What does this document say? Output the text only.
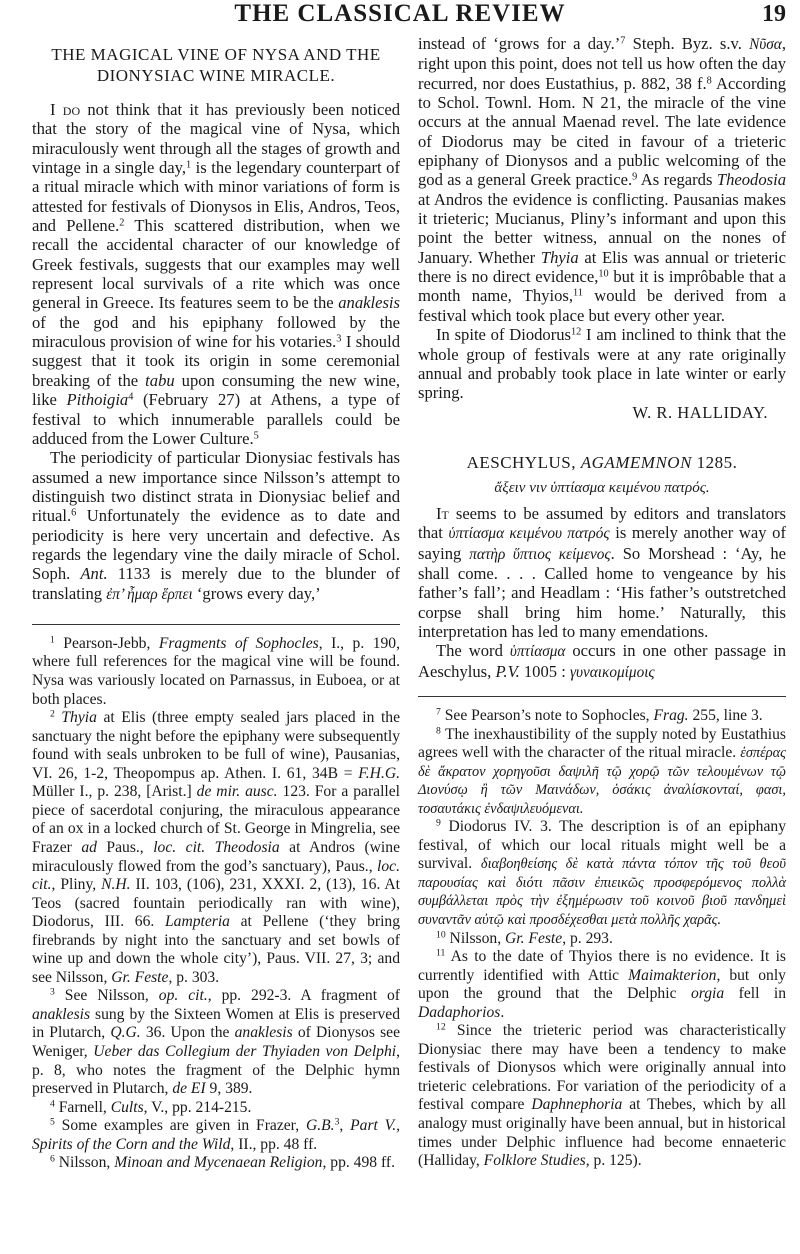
THE CLASSICAL REVIEW	19
THE MAGICAL VINE OF NYSA AND THE DIONYSIAC WINE MIRACLE.

I do not think that it has previously been noticed that the story of the magical vine of Nysa, which miraculously went through all the stages of growth and vintage in a single day,$^1$ is the legendary counterpart of a ritual miracle which with minor variations of form is attested for festivals of Dionysos in Elis, Andros, Teos, and Pellene.$^2$ This scattered distribution, when we recall the accidental character of our knowledge of Greek festivals, suggests that our examples may well represent local survivals of a rite which was once general in Greece. Its features seem to be the anaklesis of the god and his epiphany followed by the miraculous provision of wine for his votaries.$^3$ I should suggest that it took its origin in some ceremonial breaking of the tabu upon consuming the new wine, like Pithoigia$^4$ (February 27) at Athens, a type of festival to which innumerable parallels could be adduced from the Lower Culture.$^5$

The periodicity of particular Dionysiac festivals has assumed a new importance since Nilsson’s attempt to distinguish two distinct strata in Dionysiac belief and ritual.$^6$ Unfortunately the evidence as to date and periodicity is here very uncertain and defective. As regards the legendary vine the daily miracle of Schol. Soph. Ant. 1133 is merely due to the blunder of translating ἐπ’ ἦμαρ ἕρπει ‘grows every day,’

$^1$ Pearson-Jebb, Fragments of Sophocles, I., p. 190, where full references for the magical vine will be found. Nysa was variously located on Parnassus, in Euboea, or at both places.

$^2$ Thyia at Elis (three empty sealed jars placed in the sanctuary the night before the epiphany were subsequently found with seals unbroken to be full of wine), Pausanias, VI. 26, 1-2, Theopompus ap. Athen. I. 61, 34B = F.H.G. Müller I., p. 238, [Arist.] de mir. ausc. 123. For a parallel piece of sacerdotal conjuring, the miraculous appearance of an ox in a locked church of St. George in Mingrelia, see Frazer ad Paus., loc. cit. Theodosia at Andros (wine miraculously flowed from the god’s sanctuary), Paus., loc. cit., Pliny, N.H. II. 103, (106), 231, XXXI. 2, (13), 16. At Teos (sacred fountain periodically ran with wine), Diodorus, III. 66. Lampteria at Pellene (‘they bring firebrands by night into the sanctuary and set bowls of wine up and down the whole city’), Paus. VII. 27, 3; and see Nilsson, Gr. Feste, p. 303.

$^3$ See Nilsson, op. cit., pp. 292-3. A fragment of anaklesis sung by the Sixteen Women at Elis is preserved in Plutarch, Q.G. 36. Upon the anaklesis of Dionysos see Weniger, Ueber das Collegium der Thyiaden von Delphi, p. 8, who notes the fragment of the Delphic hymn preserved in Plutarch, de EI 9, 389.

$^4$ Farnell, Cults, V., pp. 214-215.

$^5$ Some examples are given in Frazer, G.B.$^3$, Part V., Spirits of the Corn and the Wild, II., pp. 48 ff.

$^6$ Nilsson, Minoan and Mycenaean Religion, pp. 498 ff.

instead of ‘grows for a day.’$^7$ Steph. Byz. s.v. Νῦσα, right upon this point, does not tell us how often the day recurred, nor does Eustathius, p. 882, 38 f.$^8$ According to Schol. Townl. Hom. N 21, the miracle of the vine occurs at the annual Maenad revel. The late evidence of Diodorus may be cited in favour of a trieteric epiphany of Dionysos and a public welcoming of the god as a general Greek practice.$^9$ As regards Theodosia at Andros the evidence is conflicting. Pausanias makes it trieteric; Mucianus, Pliny’s informant and upon this point the better witness, annual on the nones of January. Whether Thyia at Elis was annual or trieteric there is no direct evidence,$^{10}$ but it is imprôbable that a month name, Thyios,$^{11}$ would be derived from a festival which took place but every other year.

In spite of Diodorus$^{12}$ I am inclined to think that the whole group of festivals were at any rate originally annual and probably took place in late winter or early spring.

W. R. HALLIDAY.
AESCHYLUS, AGAMEMNON 1285.
ἄξειν νιν ὑπτίασμα κειμένου πατρός.

It seems to be assumed by editors and translators that ὑπτίασμα κειμένου πατρός is merely another way of saying πατὴρ ὕπτιος κείμενος. So Morshead : ‘Ay, he shall come. . . . Called home to vengeance by his father’s fall’; and Headlam : ‘His father’s outstretched corpse shall bring him home.’ Naturally, this interpretation has led to many emendations.

The word ὑπτίασμα occurs in one other passage in Aeschylus, P.V. 1005 : γυναικομίμοις

$^7$ See Pearson’s note to Sophocles, Frag. 255, line 3.

$^8$ The inexhaustibility of the supply noted by Eustathius agrees well with the character of the ritual miracle. ἑσπέρας δὲ ἄκρατον χορηγοῦσι δαψιλῆ τῷ χορῷ τῶν τελουμένων τῷ Διονύσῳ ἢ τῶν Μαινάδων, ὁσάκις ἀναλίσκονταί, φασι, τοσαυτάκις ἐνδαψιλευόμεναι.

$^9$ Diodorus IV. 3. The description is of an epiphany festival, of which our local rituals might well be a survival. διαβοηθείσης δὲ κατὰ πάντα τόπον τῆς τοῦ θεοῦ παρουσίας καὶ διότι πᾶσιν ἐπιεικῶς προσφερόμενος πολλὰ συμβάλλεται πρὸς τὴν ἐξημέρωσιν τοῦ κοινοῦ βιοῦ πανδημεὶ συναντᾶν αὐτῷ καὶ προσδέχεσθαι μετὰ πολλῆς χαρᾶς.

$^{10}$ Nilsson, Gr. Feste, p. 293.

$^{11}$ As to the date of Thyios there is no evidence. It is currently identified with Attic Maimakterion, but only upon the ground that the Delphic orgia fell in Dadaphorios.

$^{12}$ Since the trieteric period was characteristically Dionysiac there may have been a tendency to make festivals of Dionysos which were originally annual into trieteric celebrations. For variation of the periodicity of a festival compare Daphnephoria at Thebes, which by all analogy must originally have been annual, but in historical times under Delphic influence had become ennaeteric (Halliday, Folklore Studies, p. 125).
